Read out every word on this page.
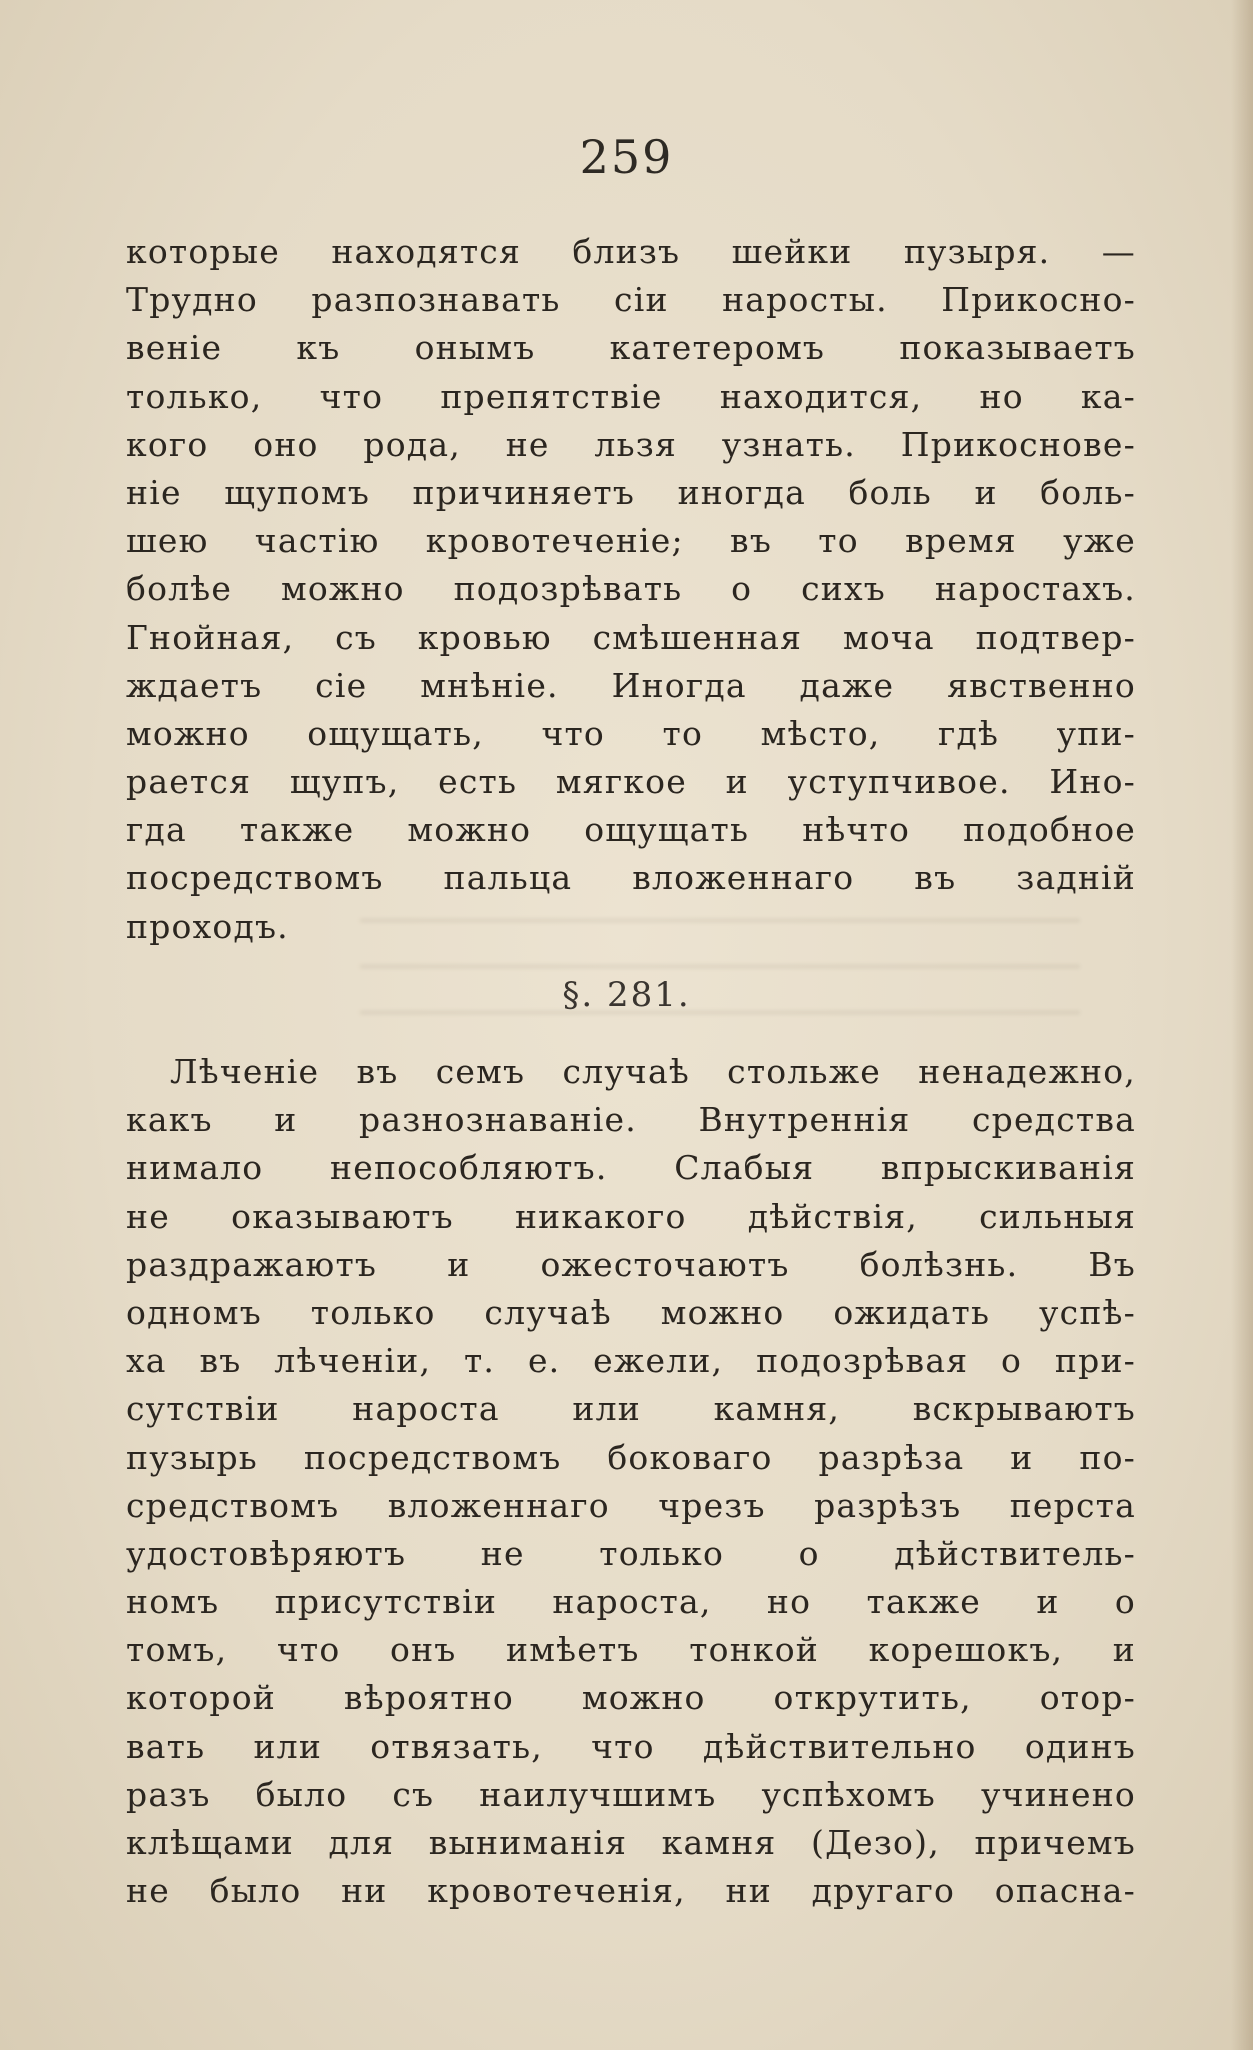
259
которые находятся близъ шейки пузыря. —
Трудно разпознавать сіи наросты. Прикосно-
веніе къ онымъ катетеромъ показываетъ
только, что препятствіе находится, но ка-
кого оно рода, не льзя узнать. Прикоснове-
ніе щупомъ причиняетъ иногда боль и боль-
шею частію кровотеченіе; въ то время уже
болѣе можно подозрѣвать о сихъ наростахъ.
Гнойная, съ кровью смѣшенная моча подтвер-
ждаетъ сіе мнѣніе. Иногда даже явственно
можно ощущать, что то мѣсто, гдѣ упи-
рается щупъ, есть мягкое и уступчивое. Ино-
гда также можно ощущать нѣчто подобное
посредствомъ пальца вложеннаго въ задній
проходъ.
§. 281.
Лѣченіе въ семъ случаѣ стольже ненадежно,
какъ и разнознаваніе. Внутреннія средства
нимало непособляютъ. Слабыя впрыскиванія
не оказываютъ никакого дѣйствія, сильныя
раздражаютъ и ожесточаютъ болѣзнь. Въ
одномъ только случаѣ можно ожидать успѣ-
ха въ лѣченіи, т. е. ежели, подозрѣвая о при-
сутствіи нароста или камня, вскрываютъ
пузырь посредствомъ боковаго разрѣза и по-
средствомъ вложеннаго чрезъ разрѣзъ перста
удостовѣряютъ не только о дѣйствитель-
номъ присутствіи нароста, но также и о
томъ, что онъ имѣетъ тонкой корешокъ, и
которой вѣроятно можно открутить, отор-
вать или отвязать, что дѣйствительно одинъ
разъ было съ наилучшимъ успѣхомъ учинено
клѣщами для выниманія камня (Дезо), причемъ
не было ни кровотеченія, ни другаго опасна-
